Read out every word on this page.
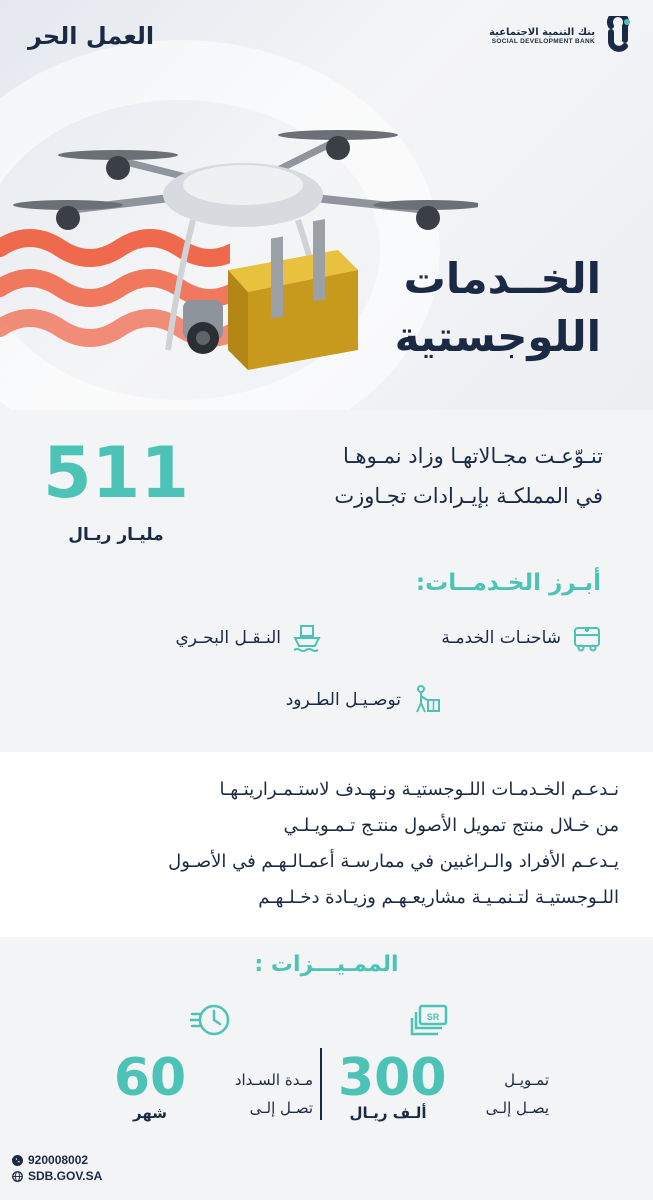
الخــدمات
اللوجستية
العمل الحر	بنك التنمية الاجتماعية
SOCIAL DEVELOPMENT BANK
تنـوّعـت مجـالاتهـا وزاد نمـوهـا
في المملكـة بإيـرادات تجـاوزت
511
مليـار ريـال
أبـرز الخـدمــات:
شاحنـات الخدمـة
النـقـل البحـري
توصـيـل الطـرود
نـدعـم الخـدمـات اللـوجستيـة ونـهـدف لاستـمـراريتـهـا
من خـلال منتج تمويل الأصول منتـج تـمـويـلـي
يـدعـم الأفراد والـراغبين في ممارسـة أعمـالـهـم في الأصـول
اللـوجستيـة لتـنمـيـة مشاريعـهـم وزيـادة دخـلـهـم
الممـيـــزات :
SR
تمـويـل
يصـل إلـى
300
ألـف ريـال
مـدة السـداد
تصـل إلـى
60
شهر
920008002
SDB.GOV.SA
